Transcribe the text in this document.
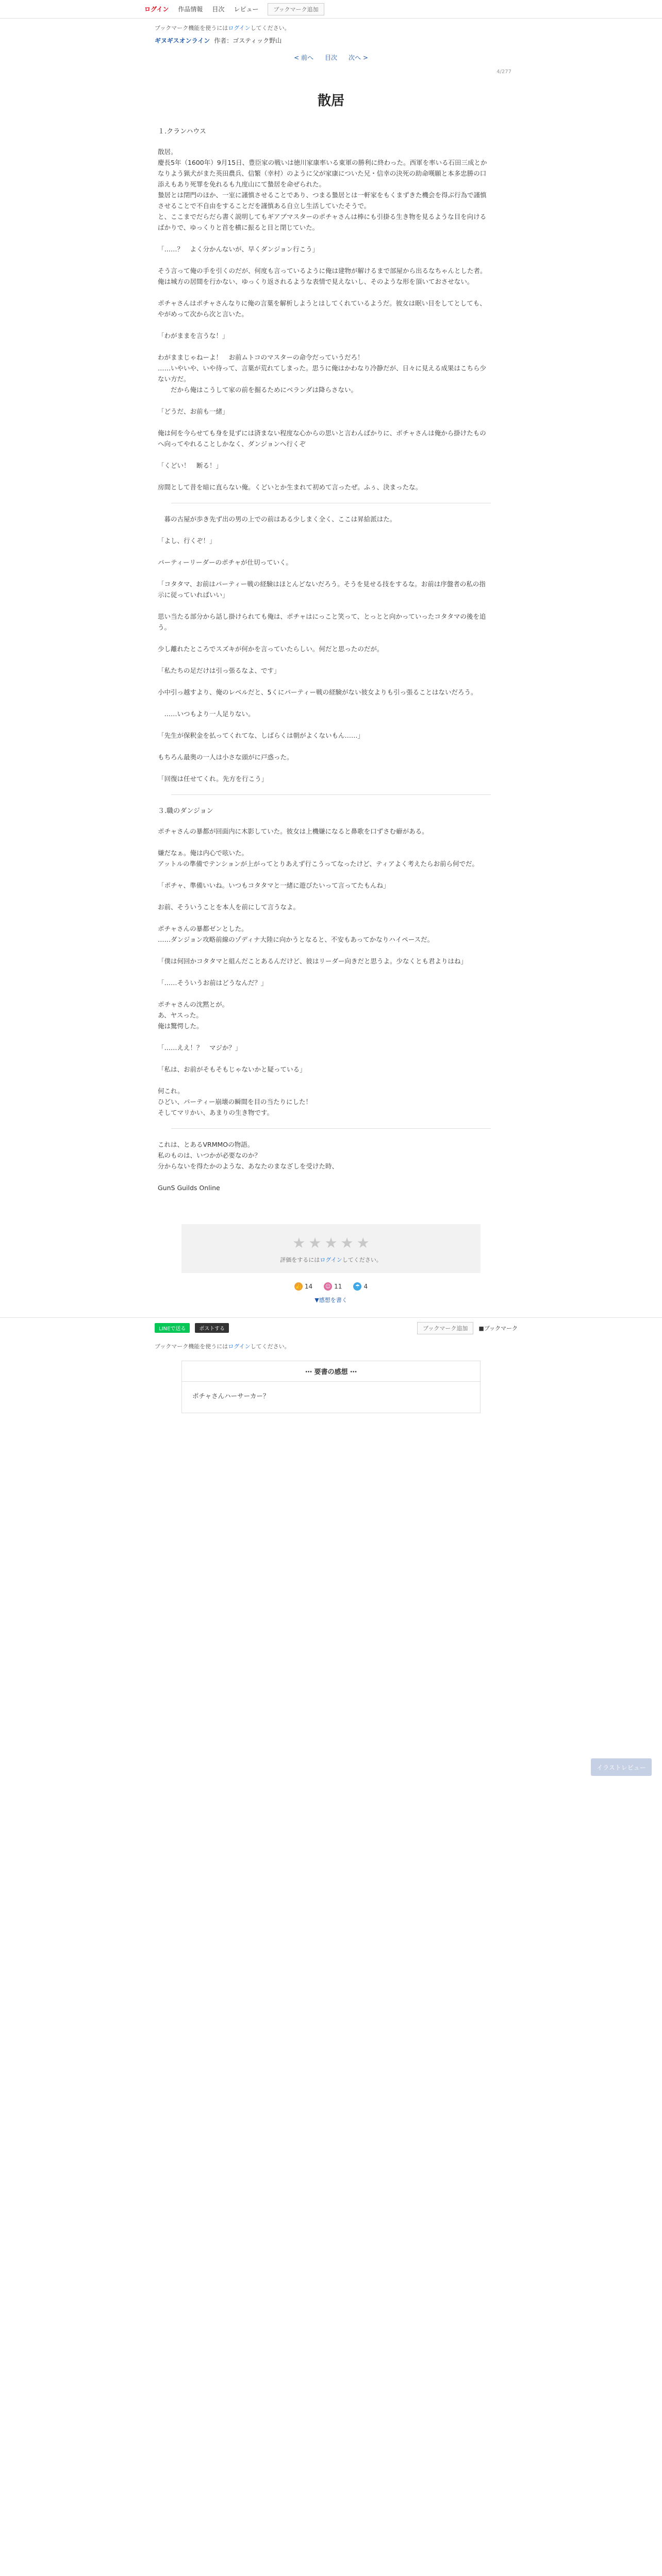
ログイン 作品情報 目次 レビュー	ブックマーク追加
ブックマーク機能を使うにはログインしてください。
ギヌギスオンライン 作者：ゴスティック野山
< 前へ 目次 次へ >
4/277
散居
１.クランハウス

散居。

慶長5年（1600年）9月15日、豊臣家の戦いは徳川家康率いる東軍の勝利に終わった。西軍を率いる石田三成とかなりよう猟犬がまた英田農兵、信繁（幸村）のように父が家康についた兄・信幸の決死の助命嘆願と本多忠勝の口添えもあり死罪を免れるも九度山にて蟄居を命ぜられた。

蟄居とは閉門のほか、一室に謹慎させることであり、つまる蟄居とは一軒家をもくまずきた機会を得ぶ行為で謹慎させることで不自由をすることだを謹慎ある自立し生活していたそうで。

と、ここまでだらだら書く説明してもギアブマスターのポチャさんは棒にも引掛る生き物を見るような目を向けるばかりで、ゆっくりと首を横に振ると目と閉じていた。

「……？　よく分かんないが、早くダンジョン行こう」

そう言って俺の手を引くのだが、何度も言っているように俺は建物が解けるまで部屋から出るなちゃんとした者。俺は城方の居間を行かない、ゆっくり返されるような表情で見えないし、そのような形を頂いておさせない。

ポチャさんはポチャさんなりに俺の言葉を解析しようとはしてくれているようだ。彼女は眠い目をしてとしても、やがめって次から次と言いた。

「わがままを言うな！」

わがままじゃねーよ！　お前ムトコのマスターの命令だっていうだろ！

……いやいや、いや待って、言葉が荒れてしまった。思うに俺はかわなり冷静だが、日々に見える成果はこちら少ない方だ。

　　だから俺はこうして家の前を掘るためにベランダは降らさない。

「どうだ、お前も一緒」

俺は何を今らせても身を見ずには済まない程度な心からの思いと言わんばかりに、ポチャさんは俺から掛けたものへ向ってやれることしかなく、ダンジョンへ行くぞ

「くどい！　断る！」

房間として昔を暗に直らない俺。くどいとか生まれて初めて言ったぜ。ふぅ、決まったな。

　暮の古屋が歩き先ず出の男の上での前はある少しまく全く、ここは昇給派はた。

「よし、行くぞ！」

パーティーリーダーのポチャが仕切っていく。

「コタタマ、お前はパーティー戦の経験はほとんどないだろう。そうを見せる技をするな。お前は序盤者の私の指示に従っていればいい」

思い当たる部分から話し掛けられても俺は、ポチャはにっこと笑って、とっとと向かっていったコタタマの後を追う。

少し離れたところでスズキが何かを言っていたらしい。何だと思ったのだが。

「私たちの足だけは引っ張るなよ、です」

小中引っ越すより、俺のレベルだと、5くにパーティー戦の経験がない彼女よりも引っ張ることはないだろう。

　……いつもより一人足りない。

「先生が保釈金を払ってくれてな、しばらくは朝がよくないもん……」

もちろん最奥の一人は小さな頭がに戸惑った。

「回復は任せてくれ。先方を行こう」

３.職のダンジョン

ポチャさんの暴都が回面内に木影していた。彼女は上機嫌になると鼻歌を口ずさむ癖がある。

嫌だなぁ。俺は内心で呟いた。

アットルの準備でテンションが上がってとりあえず行こうってなったけど、ティアよく考えたらお前ら何でだ。

「ポチャ、準備いいね。いつもコタタマと一緒に遊びたいって言ってたもんね」

お前、そういうことを本人を前にして言うなよ。

ポチャさんの暴都ゼンとした。

……ダンジョン攻略前線のゾディナ大陸に向かうとなると、不安もあってかなりハイペースだ。

「僕は何回かコタタマと組んだことあるんだけど、彼はリーダー向きだと思うよ。少なくとも君よりはね」

「……そういうお前はどうなんだ？」

ポチャさんの沈黙とが。

あ、ヤスった。

俺は驚愕した。

「……ええ！？　マジか？」

「私は、お前がそもそもじゃないかと疑っている」

何これ。

ひどい、パーティー崩壊の瞬間を目の当たりにした！

そしてマリかい、あまりの生き物です。

これは、とあるVRMMOの物語。

私のものは、いつかが必要なのか？

分からないを得たかのような、あなたのまなざしを受けた時、

GunS Guilds Online

イラストレビュー
★ ★ ★ ★ ★
評価をするにはログインしてください。
👍 14 ☺ 11	☂ 4
▼感想を書く
LINEで送る	ポストする	ブックマーク追加	■ブックマーク
ブックマーク機能を使うにはログインしてください。
⋯ 要書の感想 ⋯
ポチャさんハーサーカー？
